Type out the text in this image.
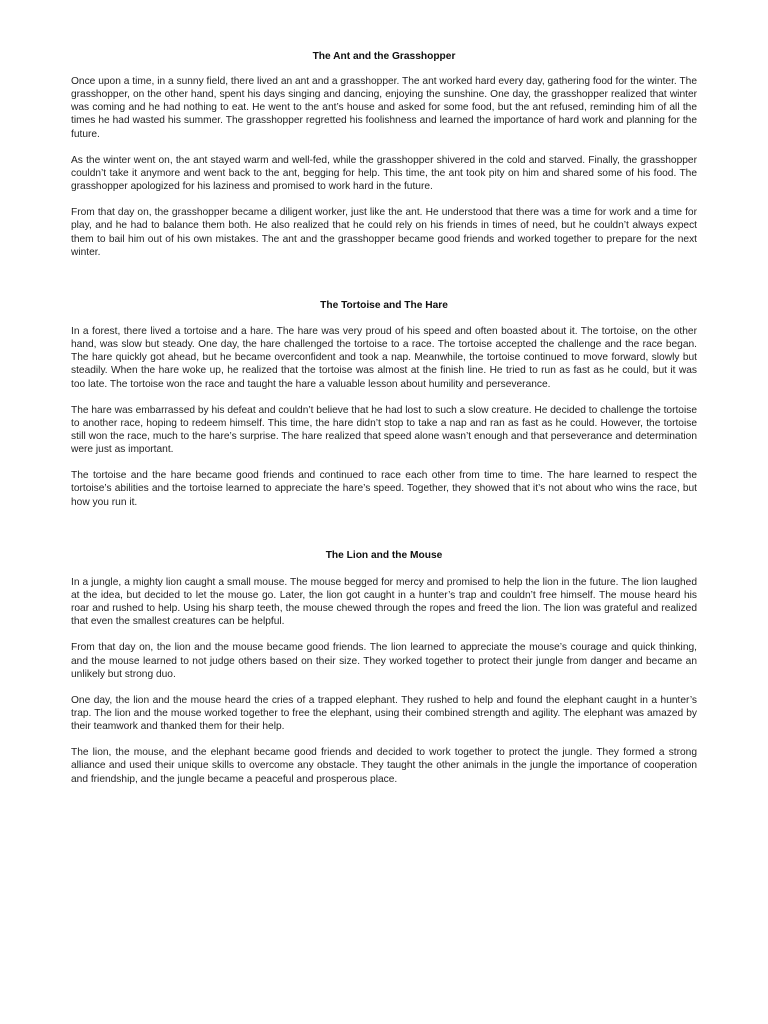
The Ant and the Grasshopper

Once upon a time, in a sunny field, there lived an ant and a grasshopper. The ant worked hard every day, gathering food for the winter. The grasshopper, on the other hand, spent his days singing and dancing, enjoying the sunshine. One day, the grasshopper realized that winter was coming and he had nothing to eat. He went to the ant’s house and asked for some food, but the ant refused, reminding him of all the times he had wasted his summer. The grasshopper regretted his foolishness and learned the importance of hard work and planning for the future.

As the winter went on, the ant stayed warm and well-fed, while the grasshopper shivered in the cold and starved. Finally, the grasshopper couldn’t take it anymore and went back to the ant, begging for help. This time, the ant took pity on him and shared some of his food. The grasshopper apologized for his laziness and promised to work hard in the future.

From that day on, the grasshopper became a diligent worker, just like the ant. He understood that there was a time for work and a time for play, and he had to balance them both. He also realized that he could rely on his friends in times of need, but he couldn’t always expect them to bail him out of his own mistakes. The ant and the grasshopper became good friends and worked together to prepare for the next winter.

The Tortoise and The Hare

In a forest, there lived a tortoise and a hare. The hare was very proud of his speed and often boasted about it. The tortoise, on the other hand, was slow but steady. One day, the hare challenged the tortoise to a race. The tortoise accepted the challenge and the race began. The hare quickly got ahead, but he became overconfident and took a nap. Meanwhile, the tortoise continued to move forward, slowly but steadily. When the hare woke up, he realized that the tortoise was almost at the finish line. He tried to run as fast as he could, but it was too late. The tortoise won the race and taught the hare a valuable lesson about humility and perseverance.

The hare was embarrassed by his defeat and couldn’t believe that he had lost to such a slow creature. He decided to challenge the tortoise to another race, hoping to redeem himself. This time, the hare didn’t stop to take a nap and ran as fast as he could. However, the tortoise still won the race, much to the hare’s surprise. The hare realized that speed alone wasn’t enough and that perseverance and determination were just as important.

The tortoise and the hare became good friends and continued to race each other from time to time. The hare learned to respect the tortoise’s abilities and the tortoise learned to appreciate the hare’s speed. Together, they showed that it’s not about who wins the race, but how you run it.

The Lion and the Mouse

In a jungle, a mighty lion caught a small mouse. The mouse begged for mercy and promised to help the lion in the future. The lion laughed at the idea, but decided to let the mouse go. Later, the lion got caught in a hunter’s trap and couldn’t free himself. The mouse heard his roar and rushed to help. Using his sharp teeth, the mouse chewed through the ropes and freed the lion. The lion was grateful and realized that even the smallest creatures can be helpful.

From that day on, the lion and the mouse became good friends. The lion learned to appreciate the mouse’s courage and quick thinking, and the mouse learned to not judge others based on their size. They worked together to protect their jungle from danger and became an unlikely but strong duo.

One day, the lion and the mouse heard the cries of a trapped elephant. They rushed to help and found the elephant caught in a hunter’s trap. The lion and the mouse worked together to free the elephant, using their combined strength and agility. The elephant was amazed by their teamwork and thanked them for their help.

The lion, the mouse, and the elephant became good friends and decided to work together to protect the jungle. They formed a strong alliance and used their unique skills to overcome any obstacle. They taught the other animals in the jungle the importance of cooperation and friendship, and the jungle became a peaceful and prosperous place.
